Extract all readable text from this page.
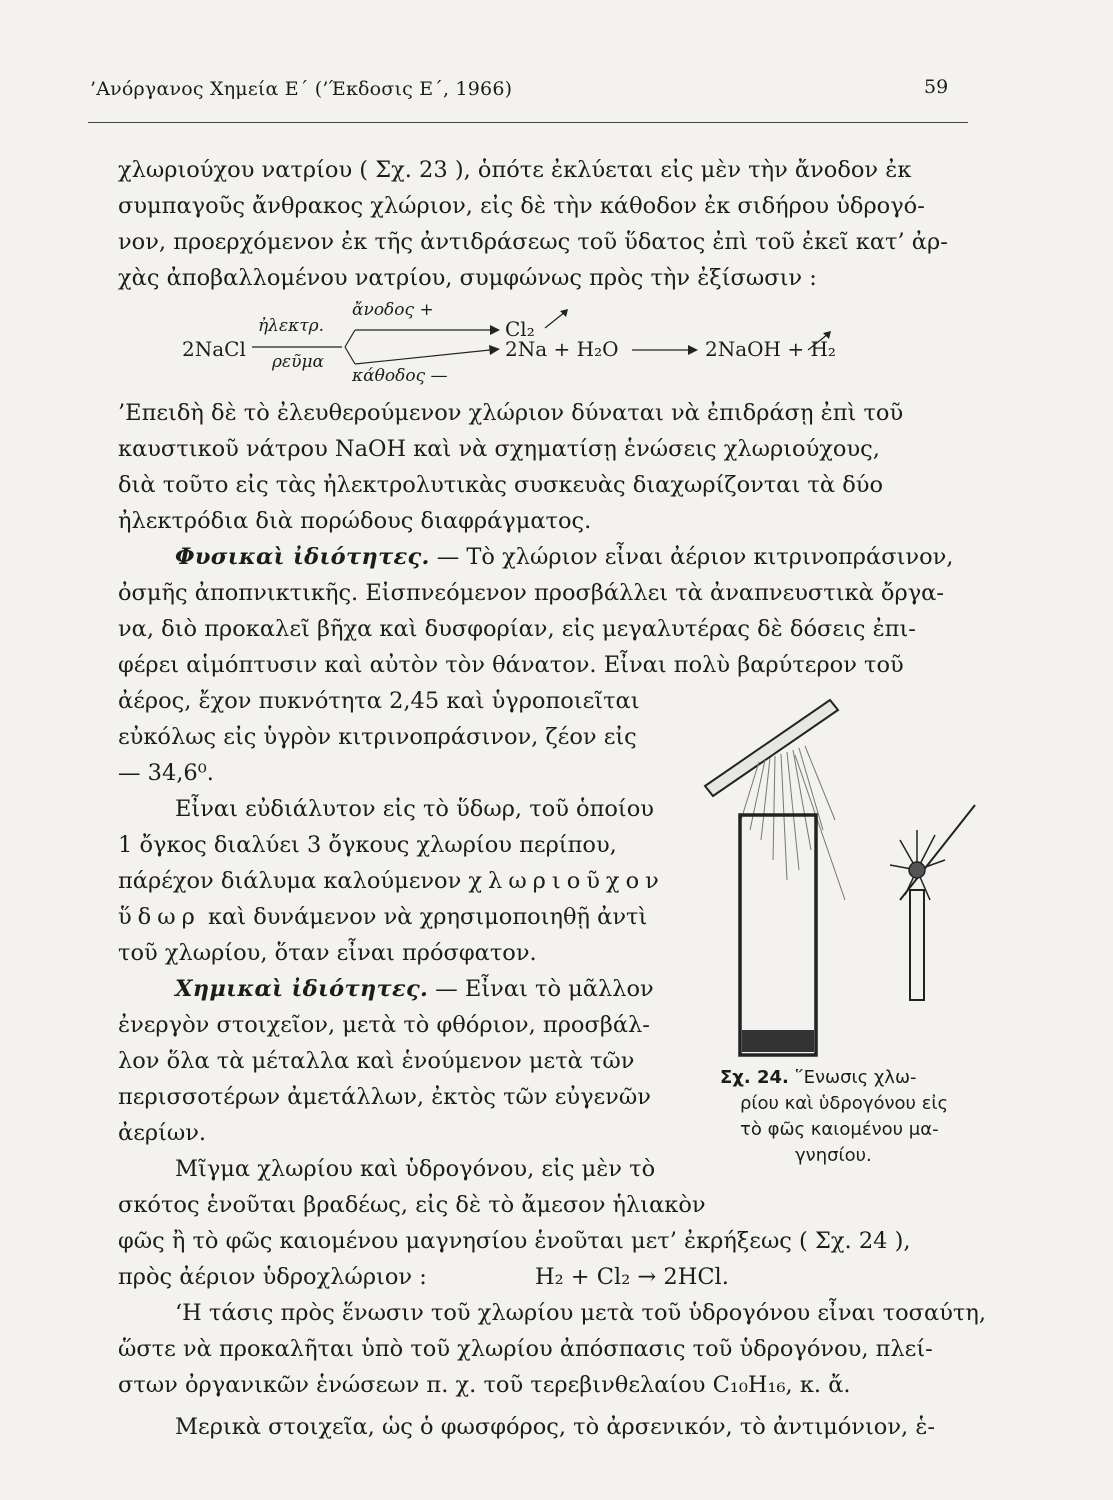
’Ανόργανος Χημεία Ε΄ (’Έκδοσις Ε΄, 1966)	59
χλωριούχου νατρίου ( Σχ. 23 ), ὁπότε ἐκλύεται εἰς μὲν τὴν ἄνοδον ἐκ
συμπαγοῦς ἄνθρακος χλώριον, εἰς δὲ τὴν κάθοδον ἐκ σιδήρου ὑδρογό-
νον, προερχόμενον ἐκ τῆς ἀντιδράσεως τοῦ ὕδατος ἐπὶ τοῦ ἐκεῖ κατ’ ἀρ-
χὰς ἀποβαλλομένου νατρίου, συμφώνως πρὸς τὴν ἐξίσωσιν :
2NaCl
ἠλεκτρ.
ρεῦμα
ἄνοδος +
κάθοδος —
Cl₂
2Na + H₂O	2NaOH + H₂
’Επειδὴ δὲ τὸ ἐλευθερούμενον χλώριον δύναται νὰ ἐπιδράσῃ ἐπὶ τοῦ
καυστικοῦ νάτρου NaOH καὶ νὰ σχηματίσῃ ἑνώσεις χλωριούχους,
διὰ τοῦτο εἰς τὰς ἠλεκτρολυτικὰς συσκευὰς διαχωρίζονται τὰ δύο
ἠλεκτρόδια διὰ πορώδους διαφράγματος.
Φυσικαὶ ἰδιότητες. — Τὸ χλώριον εἶναι ἀέριον κιτρινοπράσινον,
ὀσμῆς ἀποπνικτικῆς. Εἰσπνεόμενον προσβάλλει τὰ ἀναπνευστικὰ ὄργα-
να, διὸ προκαλεῖ βῆχα καὶ δυσφορίαν, εἰς μεγαλυτέρας δὲ δόσεις ἐπι-
φέρει αἱμόπτυσιν καὶ αὐτὸν τὸν θάνατον. Εἶναι πολὺ βαρύτερον τοῦ
ἀέρος, ἔχον πυκνότητα 2,45 καὶ ὑγροποιεῖται
εὐκόλως εἰς ὑγρὸν κιτρινοπράσινον, ζέον εἰς
— 34,6⁰.
Εἶναι εὐδιάλυτον εἰς τὸ ὕδωρ, τοῦ ὁποίου
1 ὄγκος διαλύει 3 ὄγκους χλωρίου περίπου,
πάρέχον διάλυμα καλούμενον χλωριοῦχον
ὕδωρ καὶ δυνάμενον νὰ χρησιμοποιηθῇ ἀντὶ
τοῦ χλωρίου, ὅταν εἶναι πρόσφατον.
Χημικαὶ ἰδιότητες. — Εἶναι τὸ μᾶλλον
ἐνεργὸν στοιχεῖον, μετὰ τὸ φθόριον, προσβάλ-
λον ὅλα τὰ μέταλλα καὶ ἑνούμενον μετὰ τῶν
περισσοτέρων ἀμετάλλων, ἐκτὸς τῶν εὐγενῶν
ἀερίων.
Μῖγμα χλωρίου καὶ ὑδρογόνου, εἰς μὲν τὸ
σκότος ἑνοῦται βραδέως, εἰς δὲ τὸ ἄμεσον ἡλιακὸν
φῶς ἢ τὸ φῶς καιομένου μαγνησίου ἑνοῦται μετ’ ἐκρήξεως ( Σχ. 24 ),
πρὸς ἀέριον ὑδροχλώριον :	H₂ + Cl₂ → 2HCl.
‘Η τάσις πρὸς ἕνωσιν τοῦ χλωρίου μετὰ τοῦ ὑδρογόνου εἶναι τοσαύτη,
ὥστε νὰ προκαλῆται ὑπὸ τοῦ χλωρίου ἀπόσπασις τοῦ ὑδρογόνου, πλεί-
στων ὀργανικῶν ἑνώσεων π. χ. τοῦ τερεβινθελαίου C₁₀H₁₆, κ. ἄ.
Μερικὰ στοιχεῖα, ὡς ὁ φωσφόρος, τὸ ἀρσενικόν, τὸ ἀντιμόνιον, ἑ-
Σχ. 24. ῞Ενωσις χλω-
ρίου καὶ ὑδρογόνου εἰς
τὸ φῶς καιομένου μα-
γνησίου.
